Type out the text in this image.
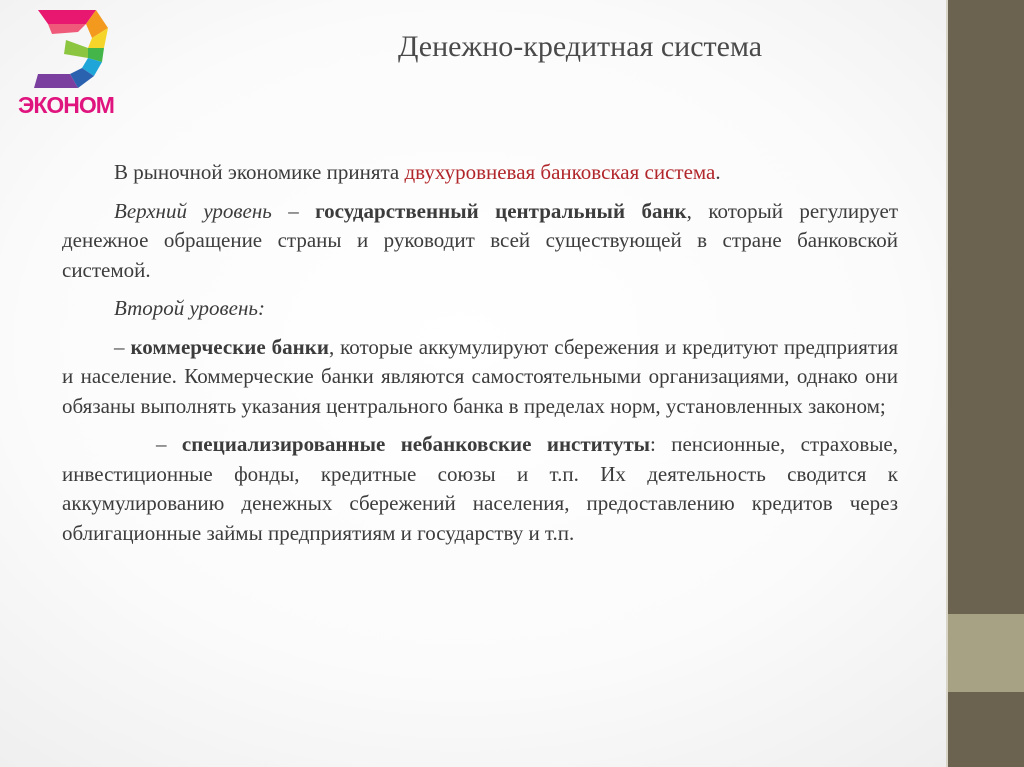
ЭКОНОМ
Денежно-кредитная система

В рыночной экономике принята двухуровневая банковская система.

Верхний уровень – государственный центральный банк, который регулирует денежное обращение страны и руководит всей существующей в стране банковской системой.

Второй уровень:

– коммерческие банки, которые аккумулируют сбережения и кредитуют предприятия и население. Коммерческие банки являются самостоятельными организациями, однако они обязаны выполнять указания центрального банка в пределах норм, установленных законом;

– специализированные небанковские институты: пенсионные, страховые, инвестиционные фонды, кредитные союзы и т.п. Их деятельность сводится к аккумулированию денежных сбережений населения, предоставлению кредитов через облигационные займы предприятиям и государству и т.п.
